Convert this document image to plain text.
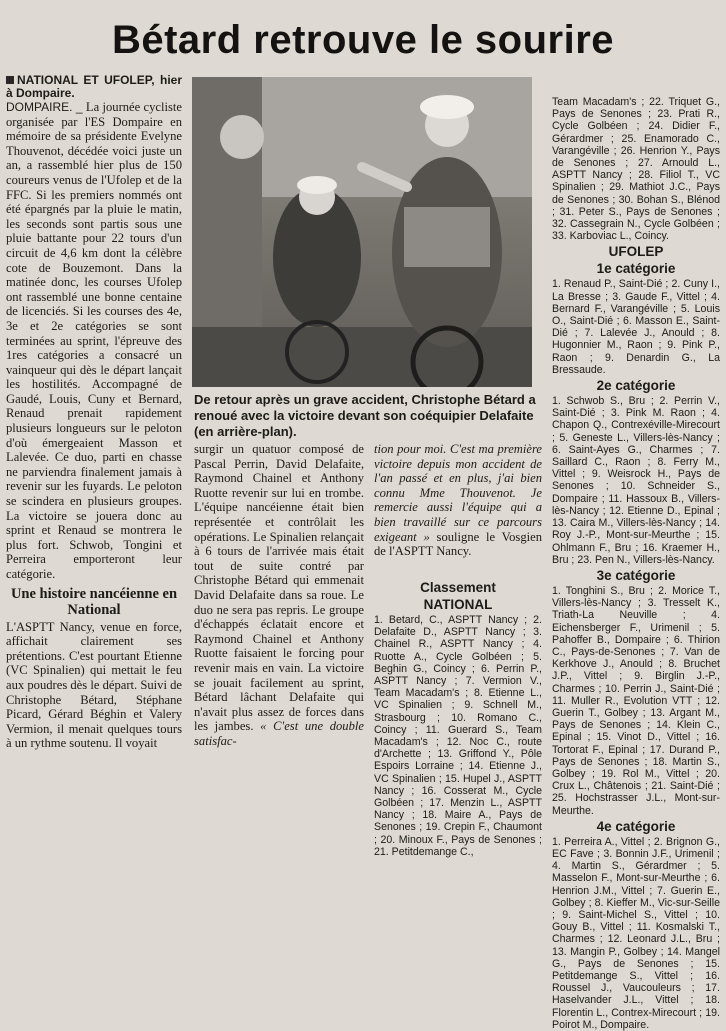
Bétard retrouve le sourire
NATIONAL ET UFOLEP, hier à Dompaire.

DOMPAIRE. _ La journée cycliste organisée par l'ES Dompaire en mémoire de sa présidente Evelyne Thouvenot, décédée voici juste un an, a rassemblé hier plus de 150 coureurs venus de l'Ufolep et de la FFC. Si les premiers nommés ont été épargnés par la pluie le matin, les seconds sont partis sous une pluie battante pour 22 tours d'un circuit de 4,6 km dont la célèbre cote de Bouzemont. Dans la matinée donc, les courses Ufolep ont rassemblé une bonne centaine de licenciés. Si les courses des 4e, 3e et 2e catégories se sont terminées au sprint, l'épreuve des 1res catégories a consacré un vainqueur qui dès le départ lançait les hostilités. Accompagné de Gaudé, Louis, Cuny et Bernard, Renaud prenait rapidement plusieurs longueurs sur le peloton d'où émergeaient Masson et Lalevée. Ce duo, parti en chasse ne parviendra finalement jamais à revenir sur les fuyards. Le peloton se scindera en plusieurs groupes. La victoire se jouera donc au sprint et Renaud se montrera le plus fort. Schwob, Tongini et Perreira emporteront leur catégorie.

Une histoire nancéienne en National

L'ASPTT Nancy, venue en force, affichait clairement ses prétentions. C'est pourtant Etienne (VC Spinalien) qui mettait le feu aux poudres dès le départ. Suivi de Christophe Bétard, Stéphane Picard, Gérard Béghin et Valery Vermion, il menait quelques tours à un rythme soutenu. Il voyait

De retour après un grave accident, Christophe Bétard a renoué avec la victoire devant son coéquipier Delafaite (en arrière-plan).

surgir un quatuor composé de Pascal Perrin, David Delafaite, Raymond Chainel et Anthony Ruotte revenir sur lui en trombe. L'équipe nancéienne était bien représentée et contrôlait les opérations. Le Spinalien relançait à 6 tours de l'arrivée mais était tout de suite contré par Christophe Bétard qui emmenait David Delafaite dans sa roue. Le duo ne sera pas repris. Le groupe d'échappés éclatait encore et Raymond Chainel et Anthony Ruotte faisaient le forcing pour revenir mais en vain. La victoire se jouait facilement au sprint, Bétard lâchant Delafaite qui n'avait plus assez de forces dans les jambes. « C'est une double satisfac-

tion pour moi. C'est ma première victoire depuis mon accident de l'an passé et en plus, j'ai bien connu Mme Thouvenot. Je remercie aussi l'équipe qui a bien travaillé sur ce parcours exigeant » souligne le Vosgien de l'ASPTT Nancy.

Classement
NATIONAL
1. Betard, C., ASPTT Nancy ; 2. Delafaite D., ASPTT Nancy ; 3. Chainel R., ASPTT Nancy ; 4. Ruotte A., Cycle Golbéen ; 5. Beghin G., Coincy ; 6. Perrin P., ASPTT Nancy ; 7. Vermion V., Team Macadam's ; 8. Etienne L., VC Spinalien ; 9. Schnell M., Strasbourg ; 10. Romano C., Coincy ; 11. Guerard S., Team Macadam's ; 12. Noc C., route d'Archette ; 13. Griffond Y., Pôle Espoirs Lorraine ; 14. Etienne J., VC Spinalien ; 15. Hupel J., ASPTT Nancy ; 16. Cosserat M., Cycle Golbéen ; 17. Menzin L., ASPTT Nancy ; 18. Maire A., Pays de Senones ; 19. Crepin F., Chaumont ; 20. Minoux F., Pays de Senones ; 21. Petitdemange C.,
Team Macadam's ; 22. Triquet G., Pays de Senones ; 23. Prati R., Cycle Golbéen ; 24. Didier F., Gérardmer ; 25. Enamorado C., Varangéville ; 26. Henrion Y., Pays de Senones ; 27. Arnould L., ASPTT Nancy ; 28. Filiol T., VC Spinalien ; 29. Mathiot J.C., Pays de Senones ; 30. Bohan S., Blénod ; 31. Peter S., Pays de Senones ; 32. Cassegrain N., Cycle Golbéen ; 33. Karboviac L., Coincy.
UFOLEP
1e catégorie
1. Renaud P., Saint-Dié ; 2. Cuny I., La Bresse ; 3. Gaude F., Vittel ; 4. Bernard F., Varangéville ; 5. Louis O., Saint-Dié ; 6. Masson E., Saint-Dié ; 7. Lalevée J., Anould ; 8. Hugonnier M., Raon ; 9. Pink P., Raon ; 9. Denardin G., La Bressaude.
2e catégorie
1. Schwob S., Bru ; 2. Perrin V., Saint-Dié ; 3. Pink M. Raon ; 4. Chapon Q., Contrexéville-Mirecourt ; 5. Geneste L., Villers-lès-Nancy ; 6. Saint-Ayes G., Charmes ; 7. Saillard C., Raon ; 8. Ferry M., Vittel ; 9. Weisrock H., Pays de Senones ; 10. Schneider S., Dompaire ; 11. Hassoux B., Villers-lès-Nancy ; 12. Etienne D., Epinal ; 13. Caira M., Villers-lès-Nancy ; 14. Roy J.-P., Mont-sur-Meurthe ; 15. Ohlmann F., Bru ; 16. Kraemer H., Bru ; 23. Pen N., Villers-lès-Nancy.
3e catégorie
1. Tonghini S., Bru ; 2. Morice T., Villers-lès-Nancy ; 3. Tresselt K., Triath-La Neuville ; 4. Eichensberger F., Urimenil ; 5. Pahoffer B., Dompaire ; 6. Thirion C., Pays-de-Senones ; 7. Van de Kerkhove J., Anould ; 8. Bruchet J.P., Vittel ; 9. Birglin J.-P., Charmes ; 10. Perrin J., Saint-Dié ; 11. Muller R., Evolution VTT ; 12. Guerin T., Golbey ; 13. Argant M., Pays de Senones ; 14. Klein C., Epinal ; 15. Vinot D., Vittel ; 16. Tortorat F., Epinal ; 17. Durand P., Pays de Senones ; 18. Martin S., Golbey ; 19. Rol M., Vittel ; 20. Crux L., Châtenois ; 21. Saint-Dié ; 25. Hochstrasser J.L., Mont-sur-Meurthe.
4e catégorie
1. Perreira A., Vittel ; 2. Brignon G., EC Fave ; 3. Bonnin J.F., Urimenil ; 4. Martin S., Gérardmer ; 5. Masselon F., Mont-sur-Meurthe ; 6. Henrion J.M., Vittel ; 7. Guerin E., Golbey ; 8. Kieffer M., Vic-sur-Seille ; 9. Saint-Michel S., Vittel ; 10. Gouy B., Vittel ; 11. Kosmalski T., Charmes ; 12. Leonard J.L., Bru ; 13. Mangin P., Golbey ; 14. Mangel G., Pays de Senones ; 15. Petitdemange S., Vittel ; 16. Roussel J., Vaucouleurs ; 17. Haselvander J.L., Vittel ; 18. Florentin L., Contrex-Mirecourt ; 19. Poirot M., Dompaire.
